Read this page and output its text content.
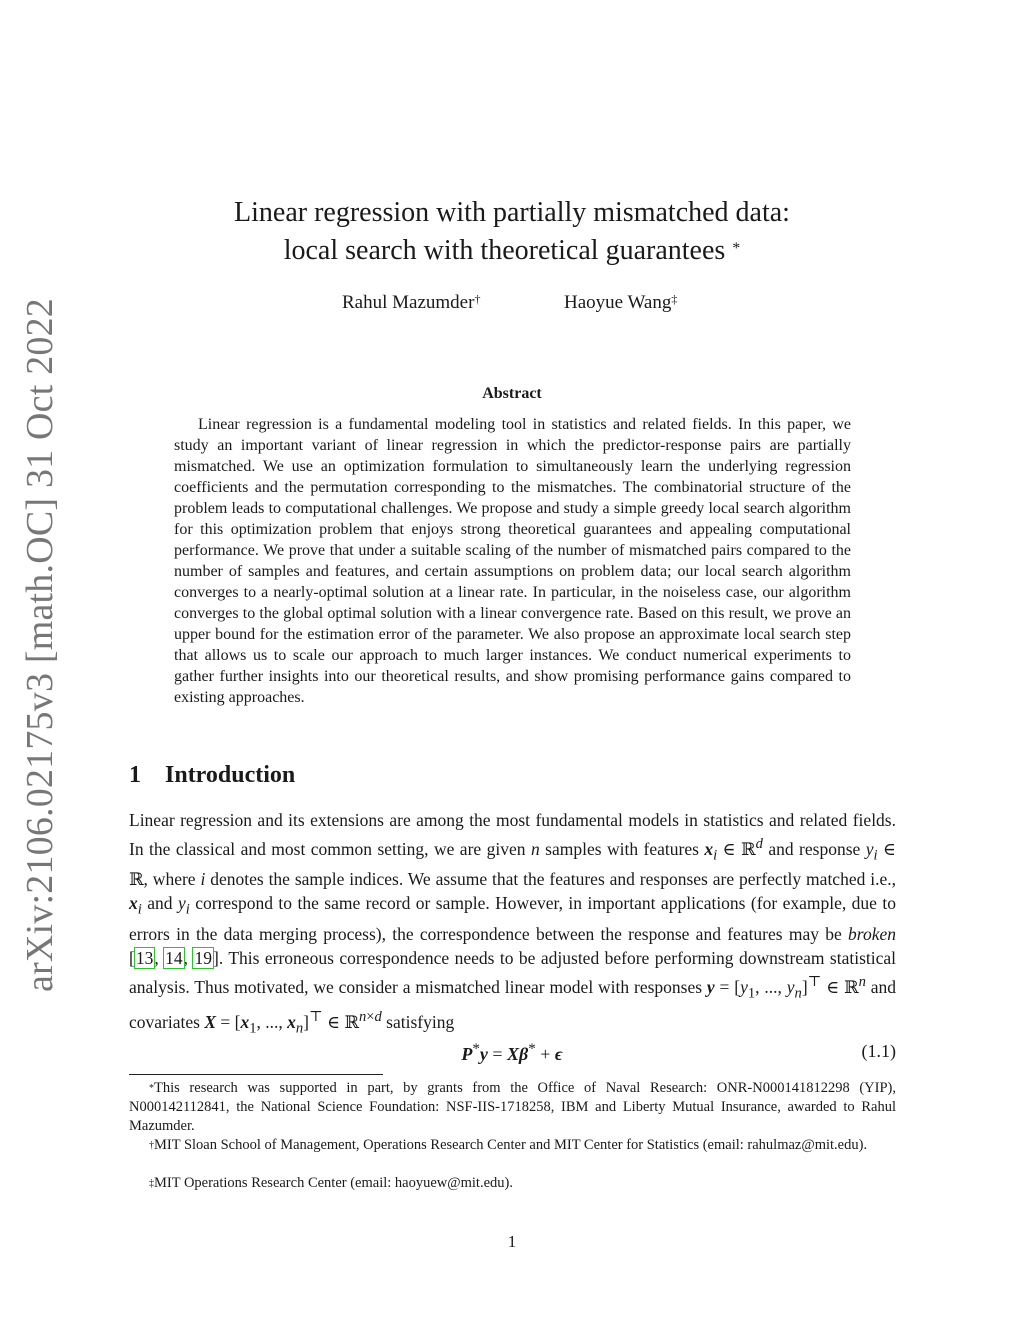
arXiv:2106.02175v3 [math.OC] 31 Oct 2022
Linear regression with partially mismatched data:
local search with theoretical guarantees *
Rahul Mazumder†	Haoyue Wang‡
Abstract

Linear regression is a fundamental modeling tool in statistics and related fields. In this paper, we study an important variant of linear regression in which the predictor-response pairs are partially mismatched. We use an optimization formulation to simultaneously learn the underlying regression coefficients and the permutation corresponding to the mismatches. The combinatorial structure of the problem leads to computational challenges. We propose and study a simple greedy local search algorithm for this optimization problem that enjoys strong theoretical guarantees and appealing computational performance. We prove that under a suitable scaling of the number of mismatched pairs compared to the number of samples and features, and certain assumptions on problem data; our local search algorithm converges to a nearly-optimal solution at a linear rate. In particular, in the noiseless case, our algorithm converges to the global optimal solution with a linear convergence rate. Based on this result, we prove an upper bound for the estimation error of the parameter. We also propose an approximate local search step that allows us to scale our approach to much larger instances. We conduct numerical experiments to gather further insights into our theoretical results, and show promising performance gains compared to existing approaches.

1 Introduction

Linear regression and its extensions are among the most fundamental models in statistics and related fields. In the classical and most common setting, we are given n samples with features $x_i$ ∈ ℝ$^d$ and response $y_i$ ∈ ℝ, where i denotes the sample indices. We assume that the features and responses are perfectly matched i.e., $x_i$ and $y_i$ correspond to the same record or sample. However, in important applications (for example, due to errors in the data merging process), the correspondence between the response and features may be broken [13, 14, 19]. This erroneous correspondence needs to be adjusted before performing downstream statistical analysis. Thus motivated, we consider a mismatched linear model with responses $y = [y_1$, ..., $y_n]^⊤$ ∈ ℝ$^n$ and covariates $X = [x_1$, ..., $x_n]^⊤$ ∈ ℝ$^{n\times d}$ satisfying

P*y = Xβ* + ϵ	(1.1)

*This research was supported in part, by grants from the Office of Naval Research: ONR-N000141812298 (YIP), N000142112841, the National Science Foundation: NSF-IIS-1718258, IBM and Liberty Mutual Insurance, awarded to Rahul Mazumder.

†MIT Sloan School of Management, Operations Research Center and MIT Center for Statistics (email: rahulmaz@mit.edu).

‡MIT Operations Research Center (email: haoyuew@mit.edu).

1
